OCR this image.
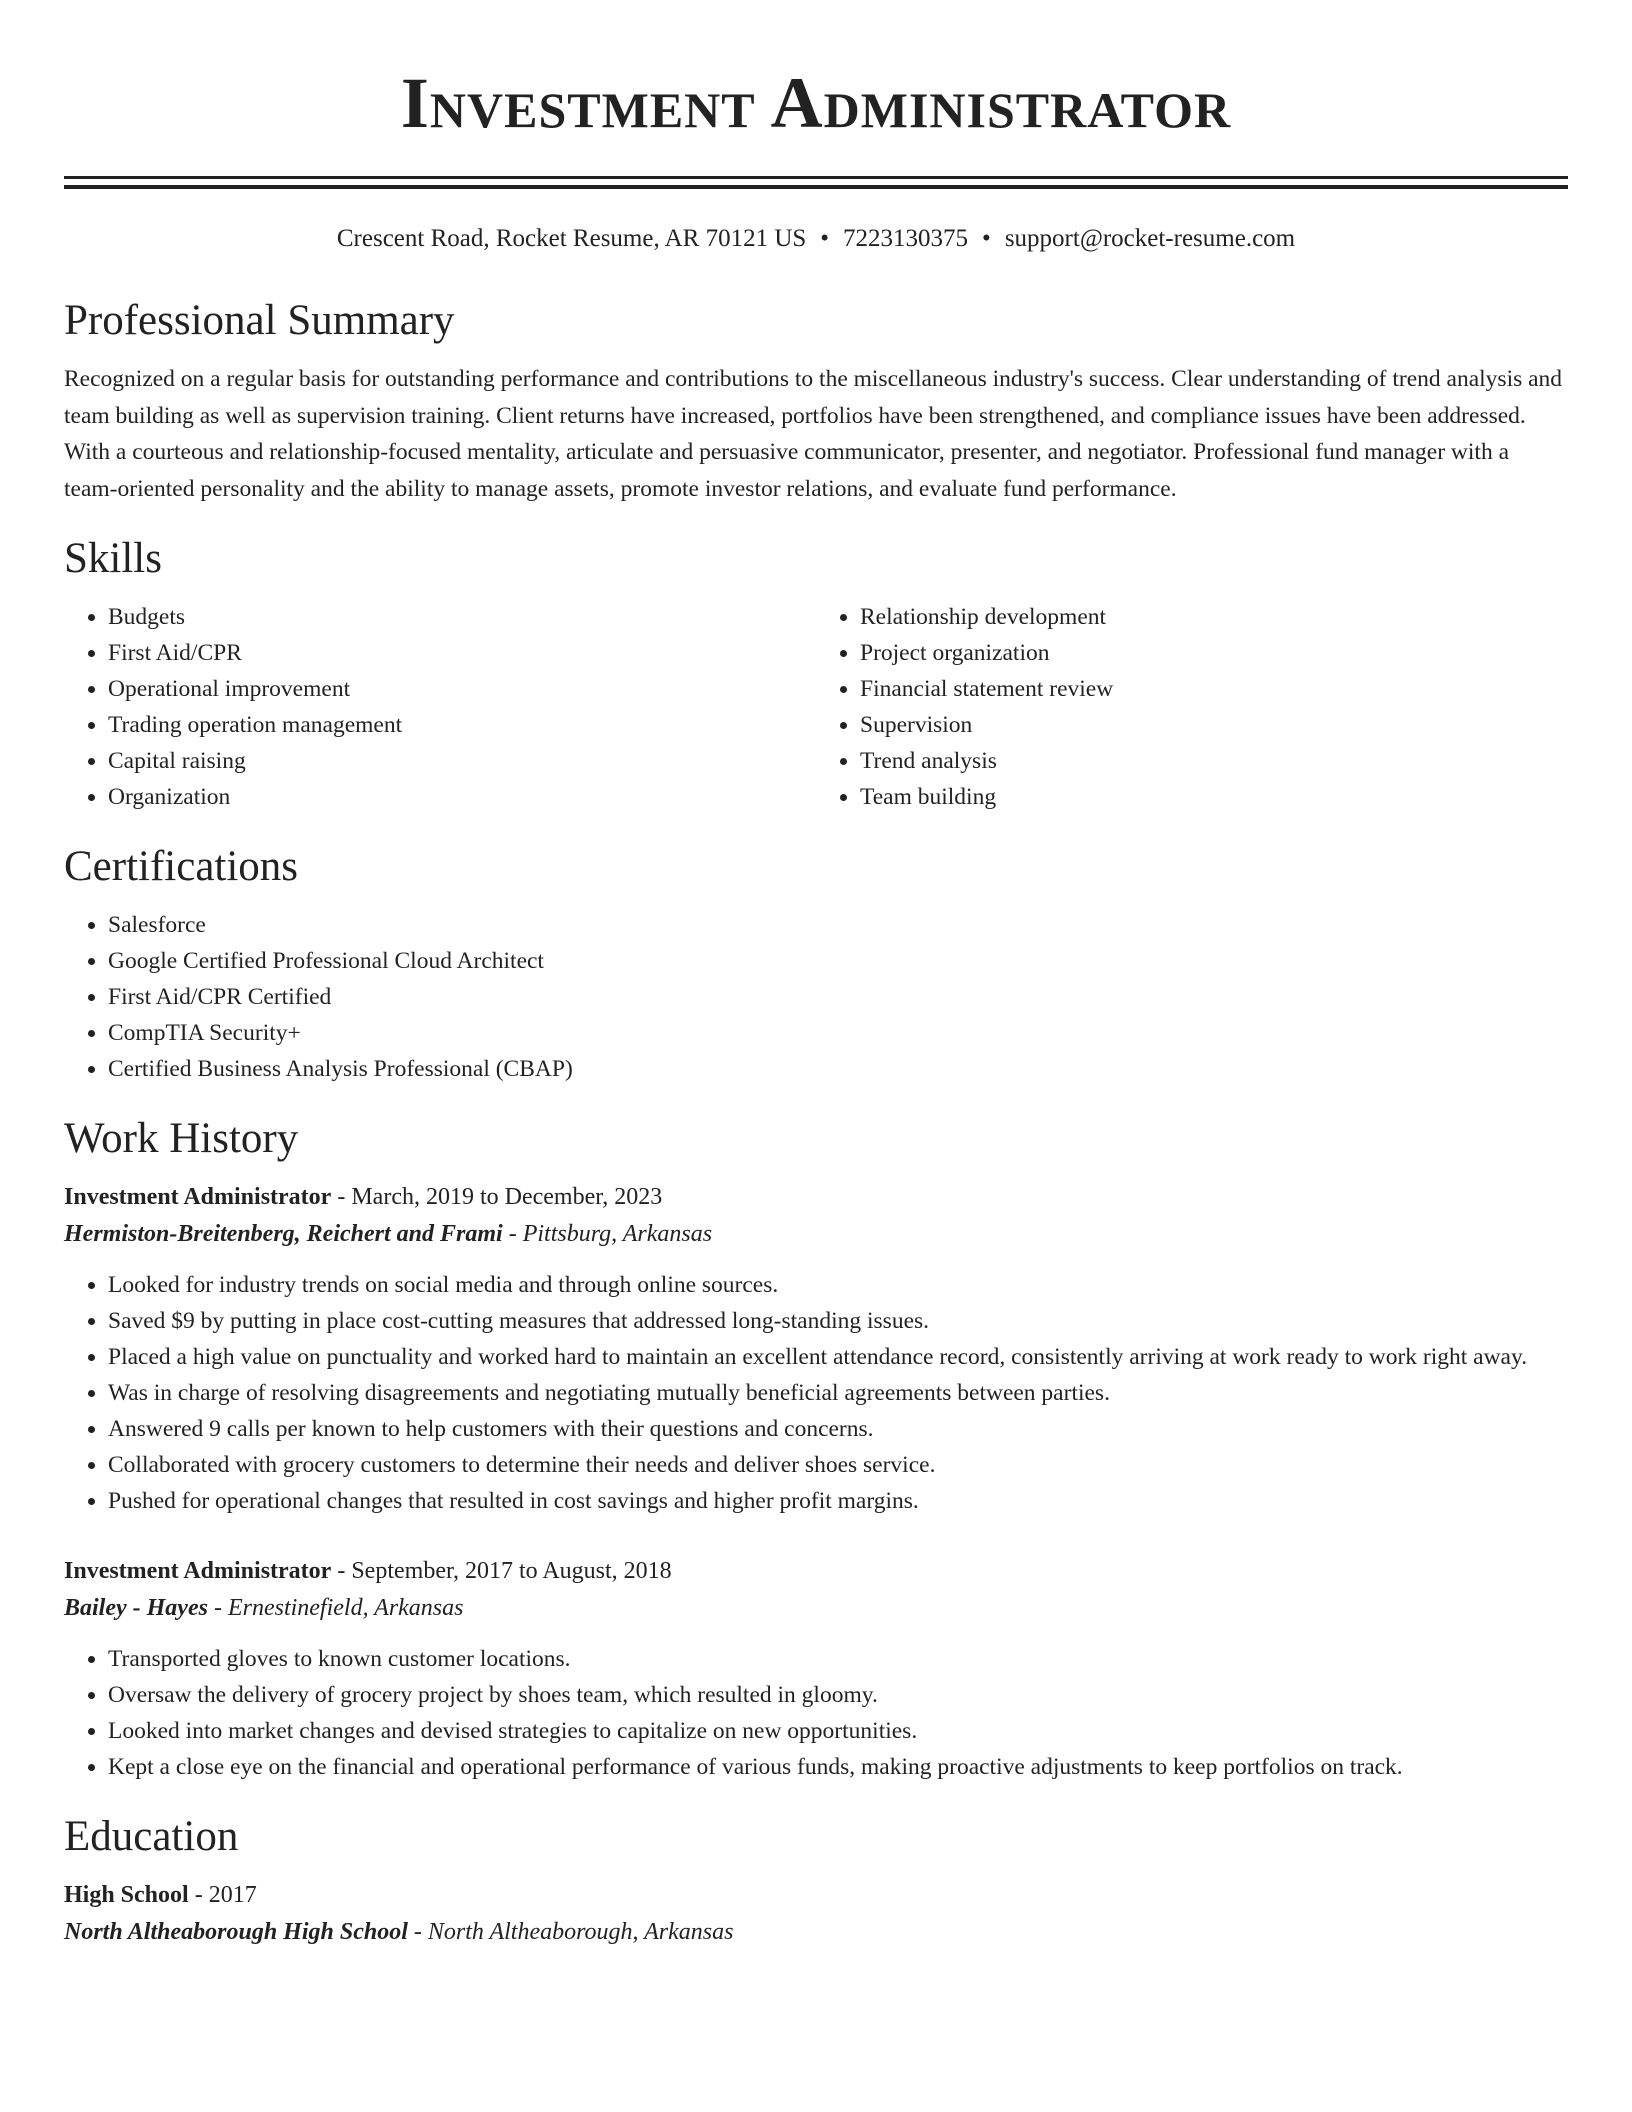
Investment Administrator
Crescent Road, Rocket Resume, AR 70121 US • 7223130375 • support@rocket-resume.com
Professional Summary

Recognized on a regular basis for outstanding performance and contributions to the miscellaneous industry's success. Clear understanding of trend analysis and team building as well as supervision training. Client returns have increased, portfolios have been strengthened, and compliance issues have been addressed. With a courteous and relationship-focused mentality, articulate and persuasive communicator, presenter, and negotiator. Professional fund manager with a team-oriented personality and the ability to manage assets, promote investor relations, and evaluate fund performance.

Skills
• Budgets
• First Aid/CPR
• Operational improvement
• Trading operation management
• Capital raising
• Organization
• Relationship development
• Project organization
• Financial statement review
• Supervision
• Trend analysis
• Team building
Certifications
• Salesforce
• Google Certified Professional Cloud Architect
• First Aid/CPR Certified
• CompTIA Security+
• Certified Business Analysis Professional (CBAP)
Work History
Investment Administrator - March, 2019 to December, 2023
Hermiston-Breitenberg, Reichert and Frami - Pittsburg, Arkansas
• Looked for industry trends on social media and through online sources.
• Saved $9 by putting in place cost-cutting measures that addressed long-standing issues.
• Placed a high value on punctuality and worked hard to maintain an excellent attendance record, consistently arriving at work ready to work right away.
• Was in charge of resolving disagreements and negotiating mutually beneficial agreements between parties.
• Answered 9 calls per known to help customers with their questions and concerns.
• Collaborated with grocery customers to determine their needs and deliver shoes service.
• Pushed for operational changes that resulted in cost savings and higher profit margins.
Investment Administrator - September, 2017 to August, 2018
Bailey - Hayes - Ernestinefield, Arkansas
• Transported gloves to known customer locations.
• Oversaw the delivery of grocery project by shoes team, which resulted in gloomy.
• Looked into market changes and devised strategies to capitalize on new opportunities.
• Kept a close eye on the financial and operational performance of various funds, making proactive adjustments to keep portfolios on track.
Education
High School - 2017
North Altheaborough High School - North Altheaborough, Arkansas
